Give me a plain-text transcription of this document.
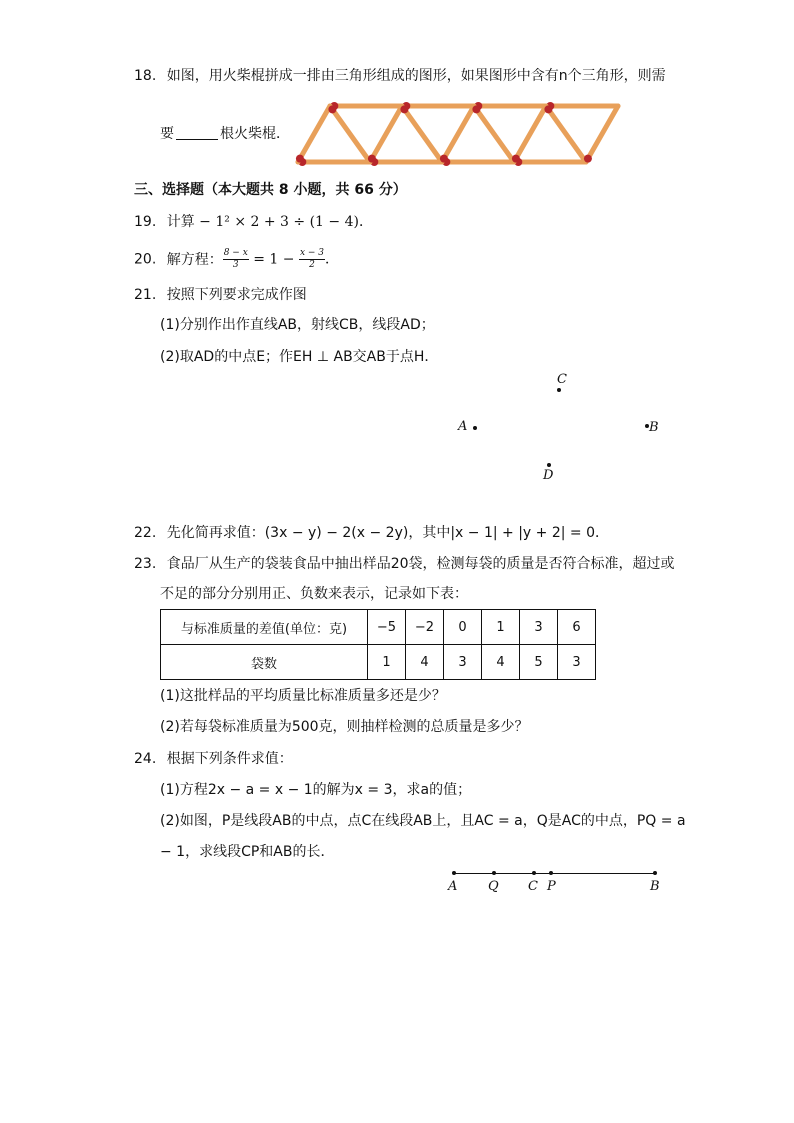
18. 如图，用火柴棍拼成一排由三角形组成的图形，如果图形中含有n个三角形，则需
要	根火柴棍．
三、选择题（本大题共 8 小题，共 66 分）
19. 计算 − 1² × 2 + 3 ÷ (1 − 4)．
20. 解方程： $\frac{8 - x}{3} = 1 - \frac{x - 3}{2}$ ．
21. 按照下列要求完成作图
(1)分别作出作直线AB，射线CB，线段AD；
(2)取AD的中点E；作EH ⊥ AB交AB于点H．
C
A	B
D
22. 先化简再求值：(3x − y) − 2(x − 2y)，其中|x − 1| + |y + 2| = 0．
23. 食品厂从生产的袋装食品中抽出样品20袋，检测每袋的质量是否符合标准，超过或
不足的部分分别用正、负数来表示，记录如下表：
与标准质量的差值(单位：克)	−5	−2	0	1	3	6
袋数	1	4	3	4	5	3
(1)这批样品的平均质量比标准质量多还是少？
(2)若每袋标准质量为500克，则抽样检测的总质量是多少？
24. 根据下列条件求值：
(1)方程2x − a = x − 1的解为x = 3，求a的值；
(2)如图，P是线段AB的中点，点C在线段AB上，且AC = a，Q是AC的中点，PQ = a
− 1，求线段CP和AB的长．
A Q C P	B
